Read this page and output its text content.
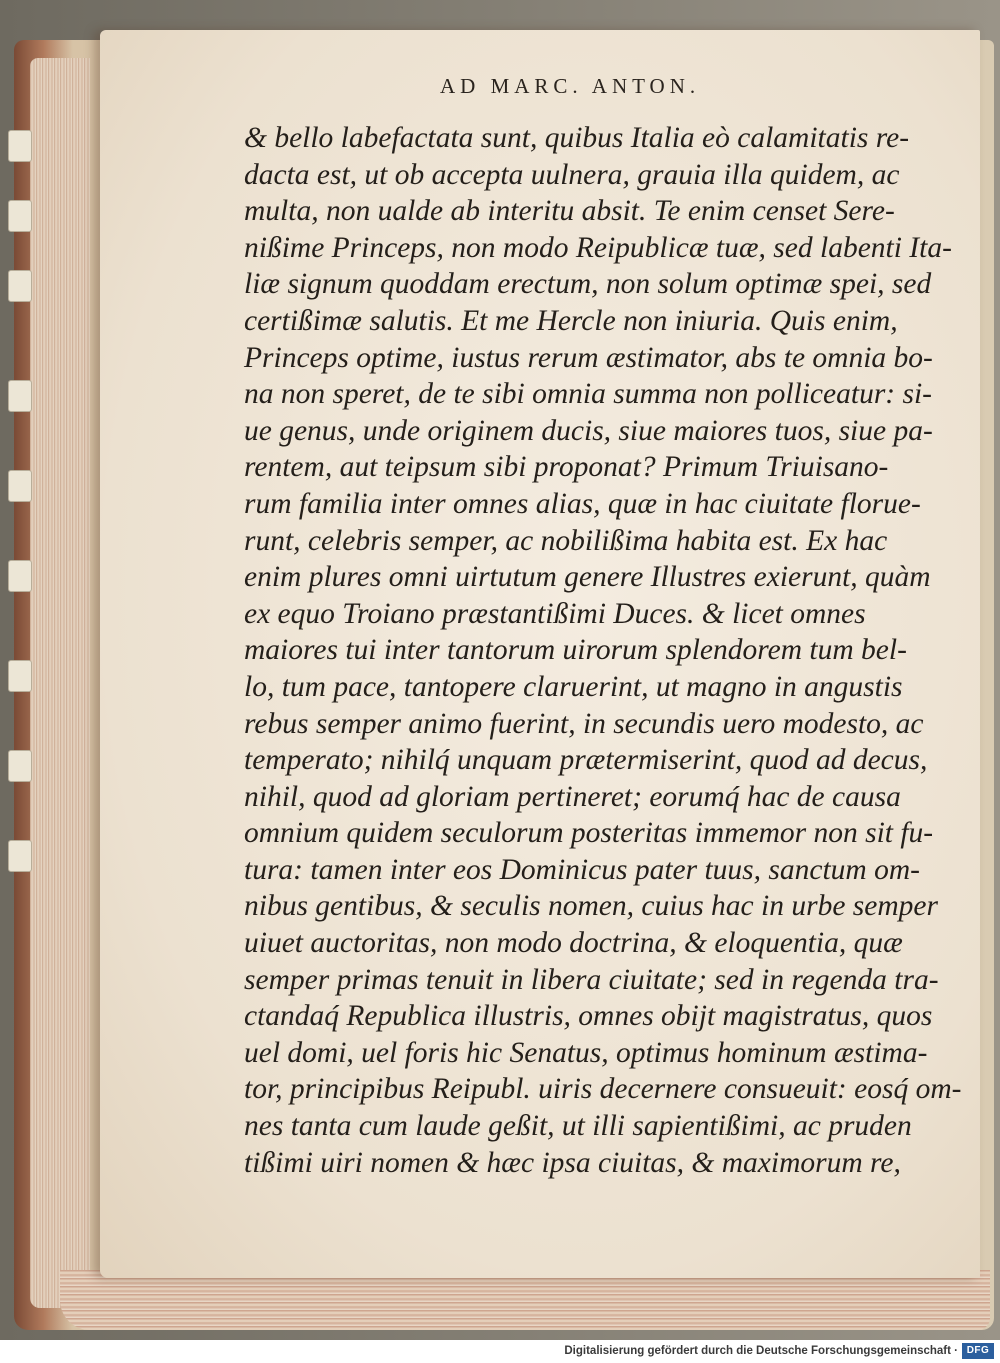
AD MARC. ANTON.
& bello labefactata sunt, quibus Italia eò calamitatis re-
dacta est, ut ob accepta uulnera, grauia illa quidem, ac
multa, non ualde ab interitu absit. Te enim censet Sere-
nißime Princeps, non modo Reipublicæ tuæ, sed labenti Ita-
liæ signum quoddam erectum, non solum optimæ spei, sed
certißimæ salutis. Et me Hercle non iniuria. Quis enim,
Princeps optime, iustus rerum æstimator, abs te omnia bo-
na non speret, de te sibi omnia summa non polliceatur: si-
ue genus, unde originem ducis, siue maiores tuos, siue pa-
rentem, aut teipsum sibi proponat? Primum Triuisano-
rum familia inter omnes alias, quæ in hac ciuitate floruе-
runt, celebris semper, ac nobilißima habita est. Ex hac
enim plures omni uirtutum genere Illustres exierunt, quàm
ex equo Troiano præstantißimi Duces. & licet omnes
maiores tui inter tantorum uirorum splendorem tum bel-
lo, tum pace, tantopere claruerint, ut magno in angustis
rebus semper animo fuerint, in secundis uero modesto, ac
temperato; nihilq́ unquam prætermiserint, quod ad decus,
nihil, quod ad gloriam pertineret; eorumq́ hac de causa
omnium quidem seculorum posteritas immemor non sit fu-
tura: tamen inter eos Dominicus pater tuus, sanctum om-
nibus gentibus, & seculis nomen, cuius hac in urbe semper
uiuet auctoritas, non modo doctrina, & eloquentia, quæ
semper primas tenuit in libera ciuitate; sed in regenda tra-
ctandaq́ Republica illustris, omnes obijt magistratus, quos
uel domi, uel foris hic Senatus, optimus hominum æstima-
tor, principibus Reipubl. uiris decernere consueuit: eosq́ om-
nes tanta cum laude geßit, ut illi sapientißimi, ac pruden
tißimi uiri nomen & hæc ipsa ciuitas, & maximorum re,
Digitalisierung gefördert durch die Deutsche Forschungsgemeinschaft · DFG
